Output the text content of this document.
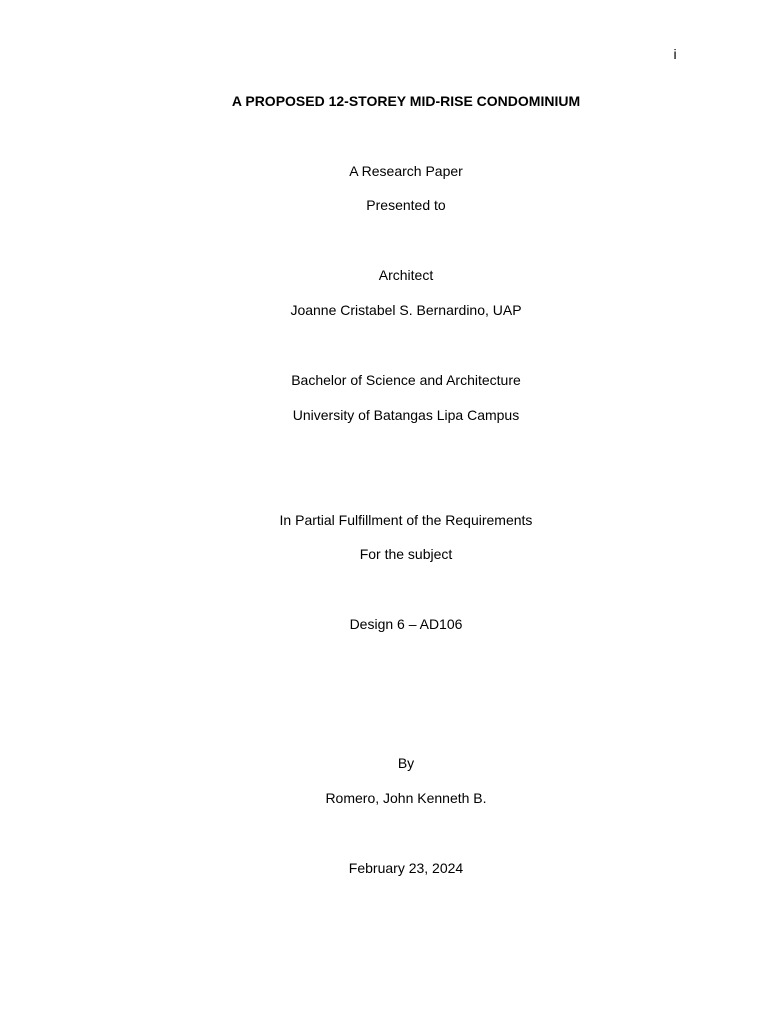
i
A PROPOSED 12-STOREY MID-RISE CONDOMINIUM
A Research Paper
Presented to
Architect
Joanne Cristabel S. Bernardino, UAP
Bachelor of Science and Architecture
University of Batangas Lipa Campus
In Partial Fulfillment of the Requirements
For the subject
Design 6 – AD106
By
Romero, John Kenneth B.
February 23, 2024
